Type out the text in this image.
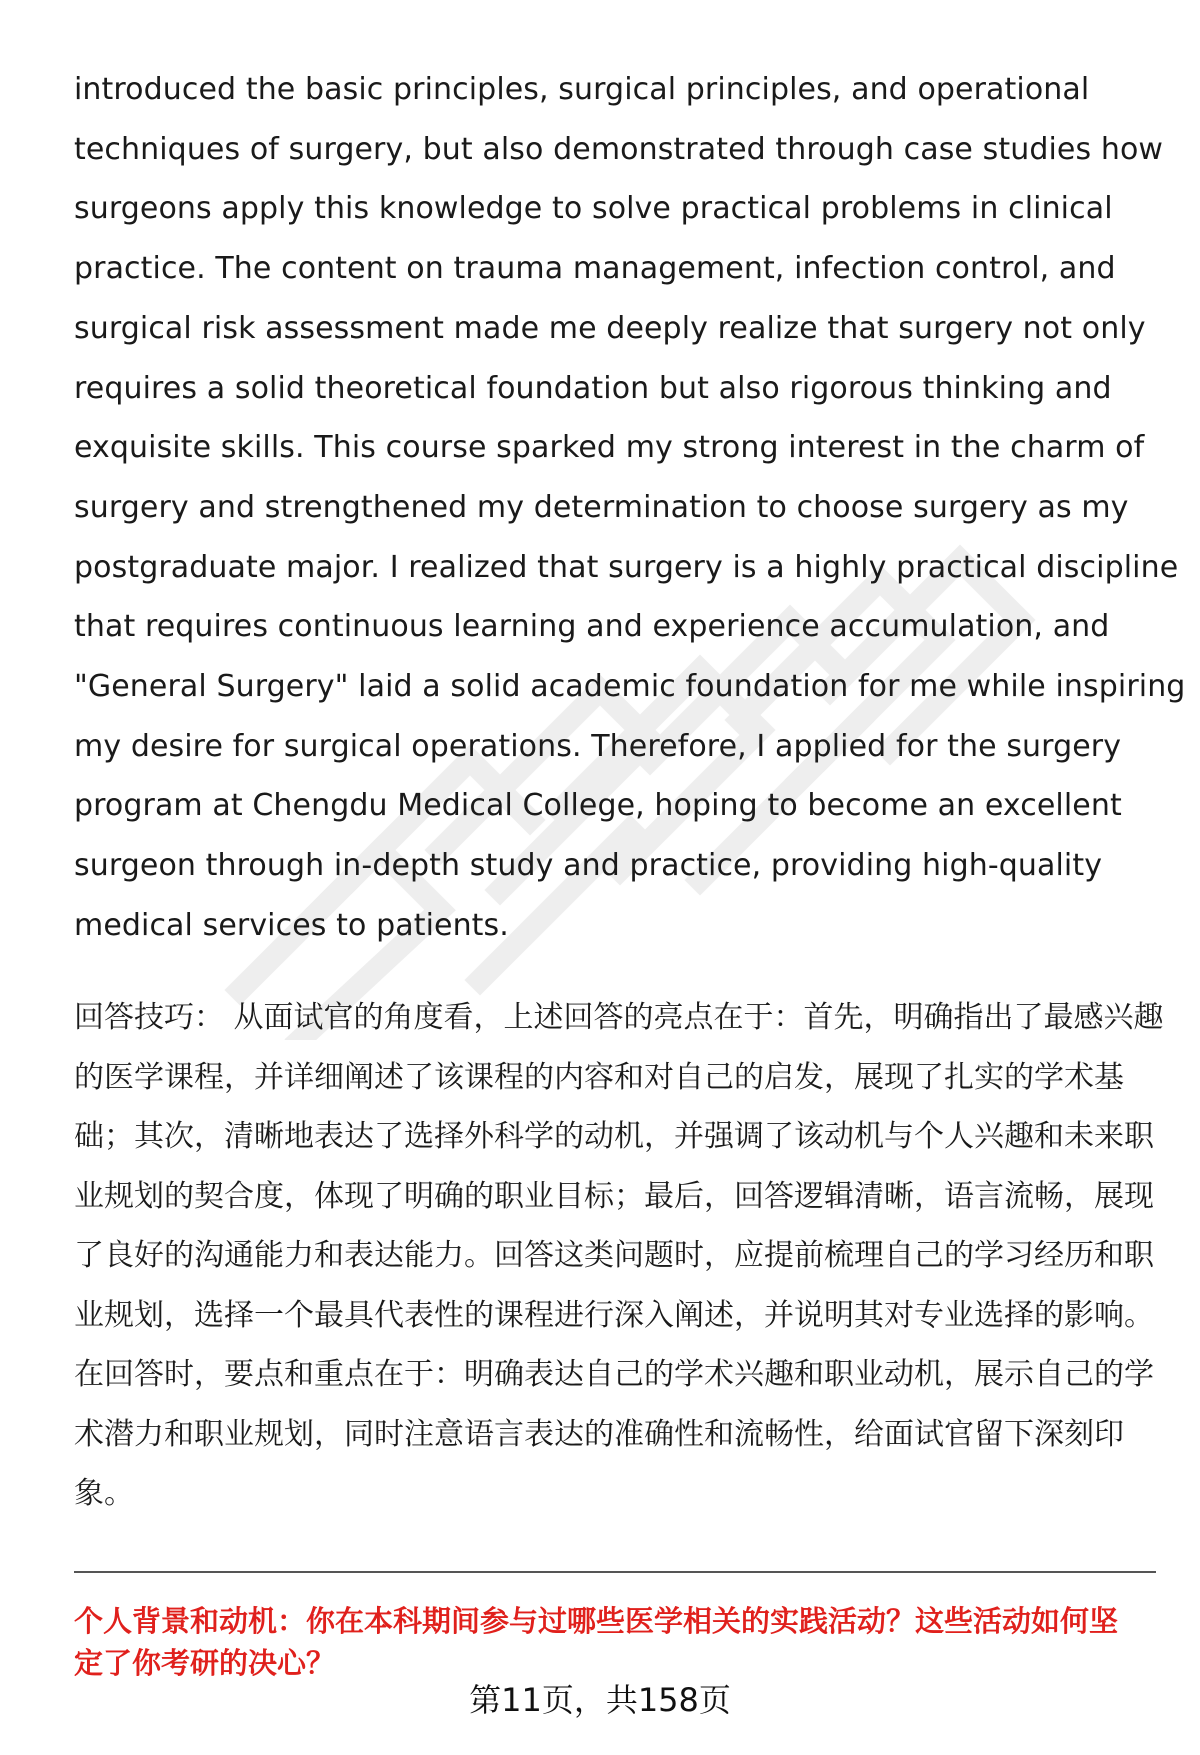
introduced the basic principles, surgical principles, and operational
techniques of surgery, but also demonstrated through case studies how
surgeons apply this knowledge to solve practical problems in clinical
practice. The content on trauma management, infection control, and
surgical risk assessment made me deeply realize that surgery not only
requires a solid theoretical foundation but also rigorous thinking and
exquisite skills. This course sparked my strong interest in the charm of
surgery and strengthened my determination to choose surgery as my
postgraduate major. I realized that surgery is a highly practical discipline
that requires continuous learning and experience accumulation, and
"General Surgery" laid a solid academic foundation for me while inspiring
my desire for surgical operations. Therefore, I applied for the surgery
program at Chengdu Medical College, hoping to become an excellent
surgeon through in-depth study and practice, providing high-quality
medical services to patients.
回答技巧： 从面试官的角度看，上述回答的亮点在于：首先，明确指出了最感兴趣
的医学课程，并详细阐述了该课程的内容和对自己的启发，展现了扎实的学术基
础；其次，清晰地表达了选择外科学的动机，并强调了该动机与个人兴趣和未来职
业规划的契合度，体现了明确的职业目标；最后，回答逻辑清晰，语言流畅，展现
了良好的沟通能力和表达能力。回答这类问题时，应提前梳理自己的学习经历和职
业规划，选择一个最具代表性的课程进行深入阐述，并说明其对专业选择的影响。
在回答时，要点和重点在于：明确表达自己的学术兴趣和职业动机，展示自己的学
术潜力和职业规划，同时注意语言表达的准确性和流畅性，给面试官留下深刻印
象。
个人背景和动机：你在本科期间参与过哪些医学相关的实践活动？这些活动如何坚
定了你考研的决心？
第11页，共158页
